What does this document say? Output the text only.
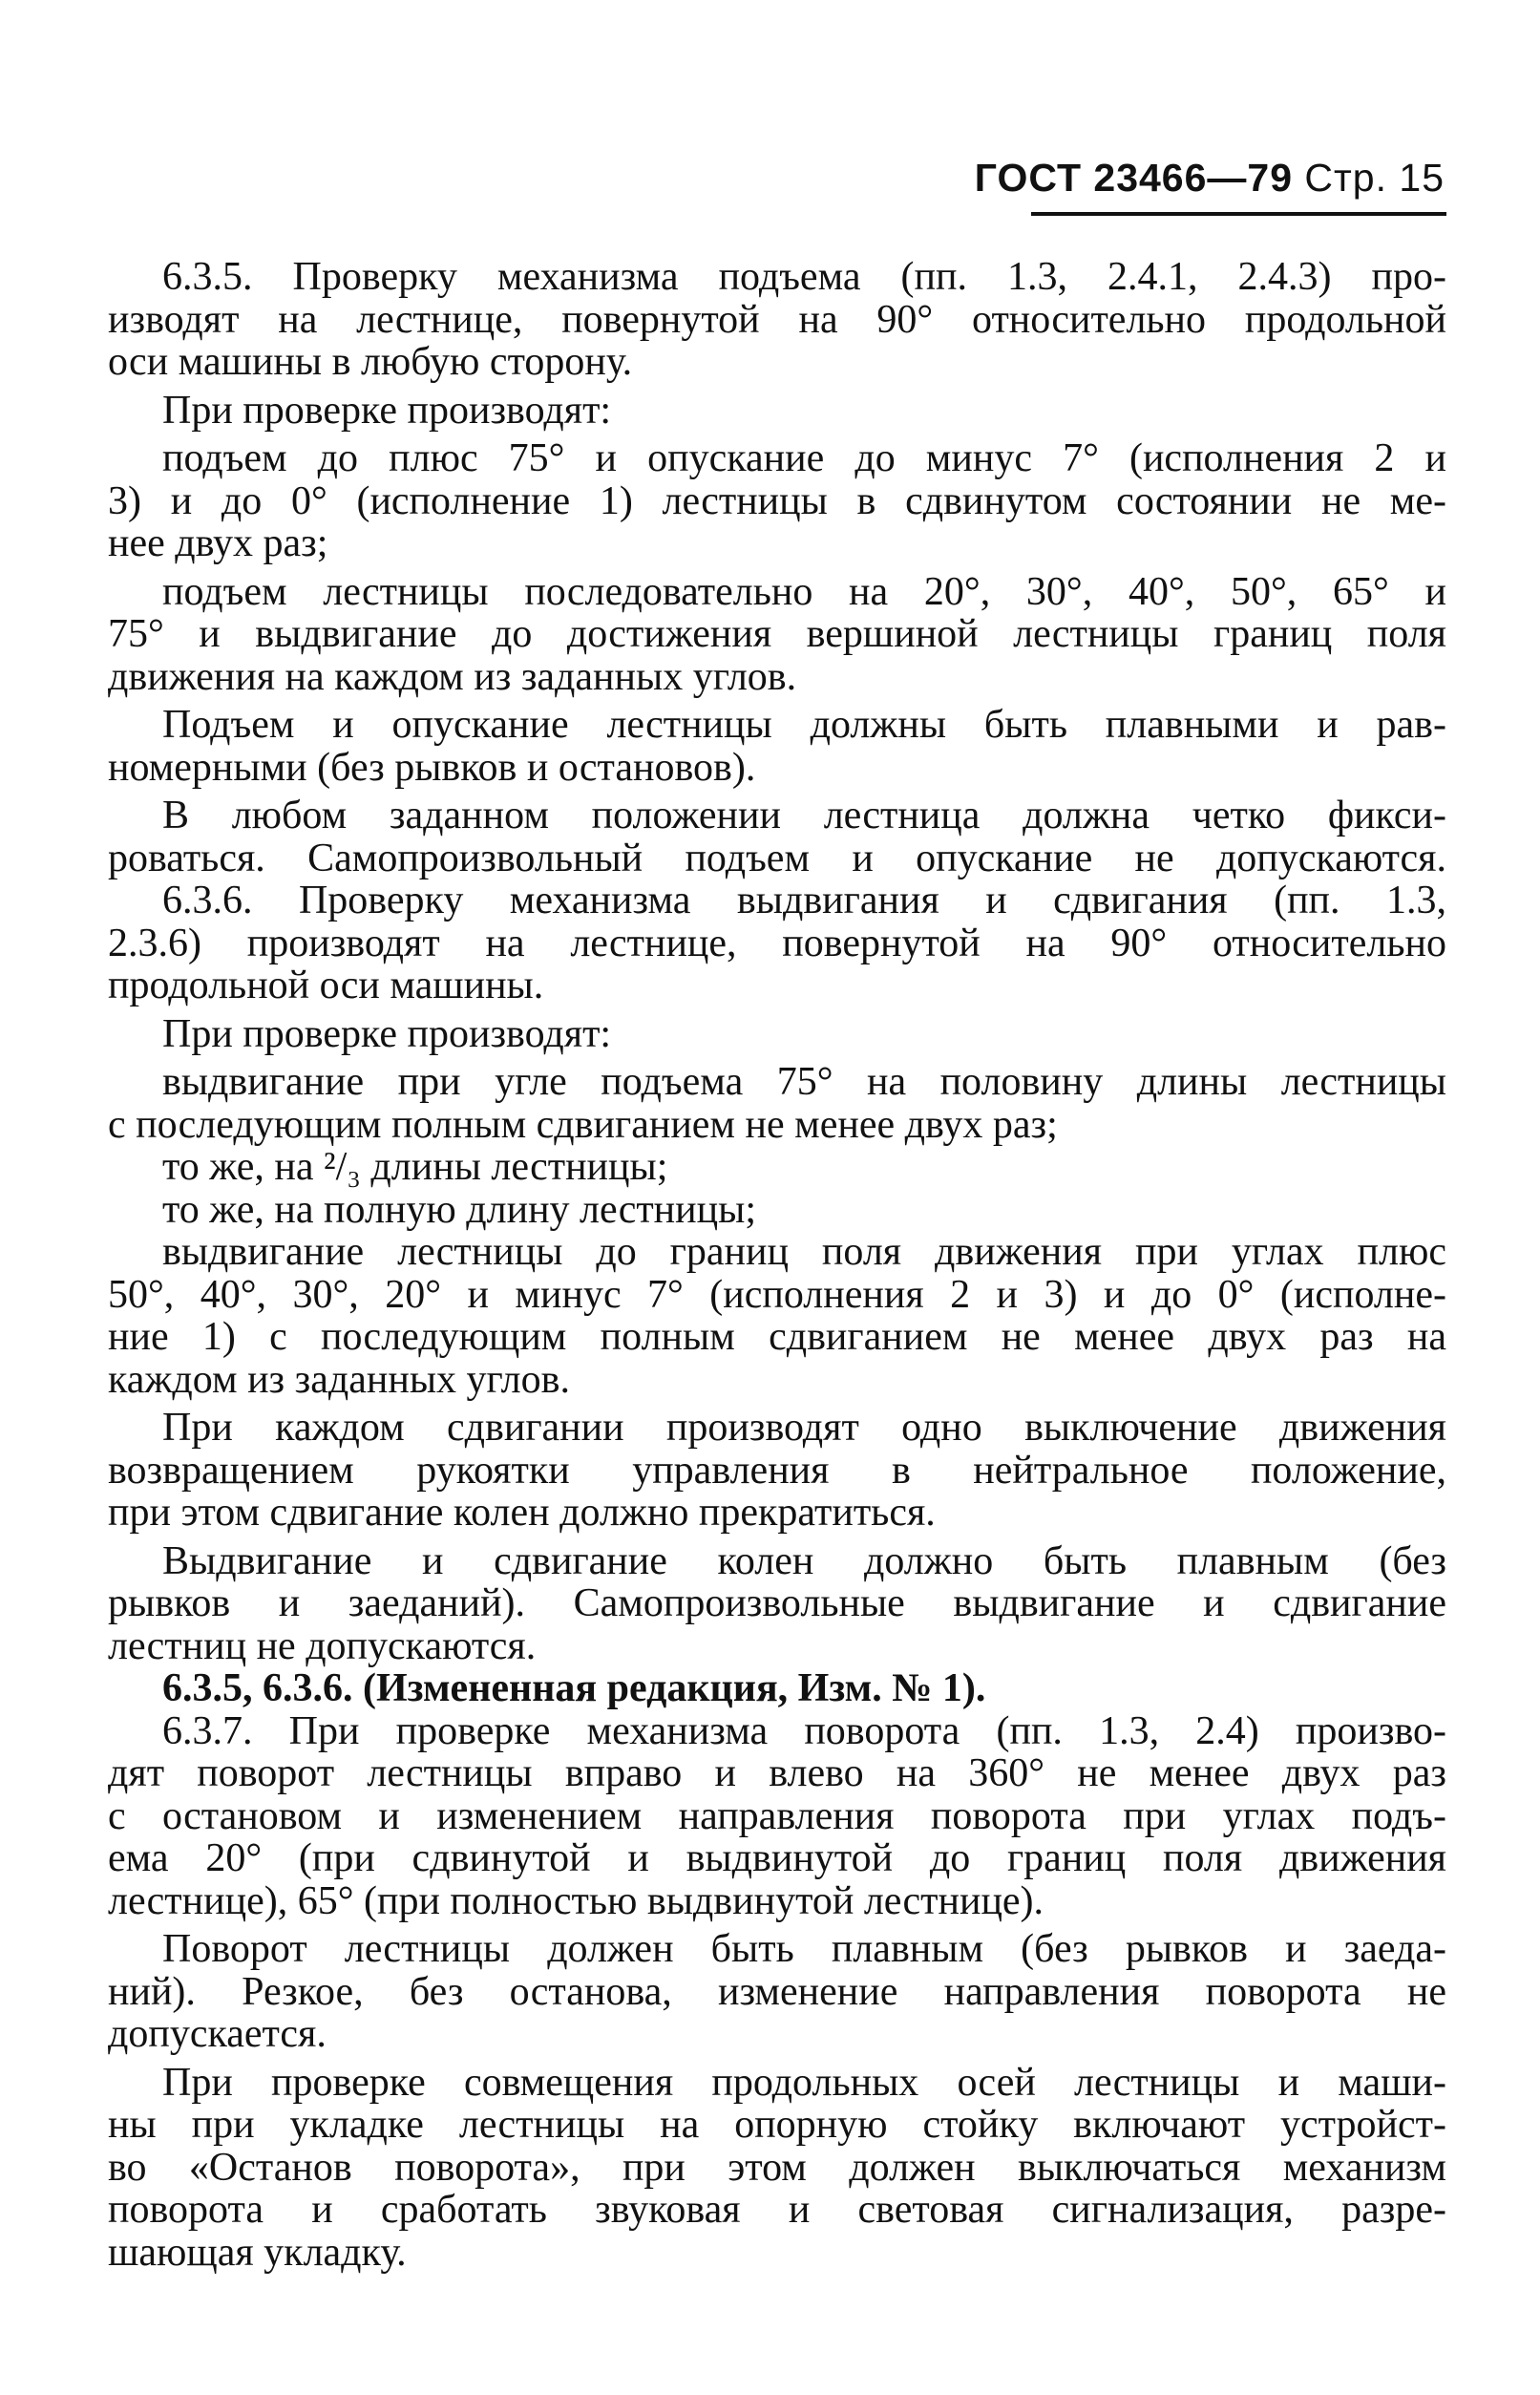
ГОСТ 23466—79 Стр. 15
6.3.5. Проверку механизма подъема (пп. 1.3, 2.4.1, 2.4.3) про-
изводят на лестнице, повернутой на 90° относительно продольной
оси машины в любую сторону.
При проверке производят:
подъем до плюс 75° и опускание до минус 7° (исполнения 2 и
3) и до 0° (исполнение 1) лестницы в сдвинутом состоянии не ме-
нее двух раз;
подъем лестницы последовательно на 20°, 30°, 40°, 50°, 65° и
75° и выдвигание до достижения вершиной лестницы границ поля
движения на каждом из заданных углов.
Подъем и опускание лестницы должны быть плавными и рав-
номерными (без рывков и остановов).
В любом заданном положении лестница должна четко фикси-
роваться. Самопроизвольный подъем и опускание не допускаются.
6.3.6. Проверку механизма выдвигания и сдвигания (пп. 1.3,
2.3.6) производят на лестнице, повернутой на 90° относительно
продольной оси машины.
При проверке производят:
выдвигание при угле подъема 75° на половину длины лестницы
с последующим полным сдвиганием не менее двух раз;
то же, на ²/₃ длины лестницы;
то же, на полную длину лестницы;
выдвигание лестницы до границ поля движения при углах плюс
50°, 40°, 30°, 20° и минус 7° (исполнения 2 и 3) и до 0° (исполне-
ние 1) с последующим полным сдвиганием не менее двух раз на
каждом из заданных углов.
При каждом сдвигании производят одно выключение движения
возвращением рукоятки управления в нейтральное положение,
при этом сдвигание колен должно прекратиться.
Выдвигание и сдвигание колен должно быть плавным (без
рывков и заеданий). Самопроизвольные выдвигание и сдвигание
лестниц не допускаются.
6.3.5, 6.3.6. (Измененная редакция, Изм. № 1).
6.3.7. При проверке механизма поворота (пп. 1.3, 2.4) произво-
дят поворот лестницы вправо и влево на 360° не менее двух раз
с остановом и изменением направления поворота при углах подъ-
ема 20° (при сдвинутой и выдвинутой до границ поля движения
лестнице), 65° (при полностью выдвинутой лестнице).
Поворот лестницы должен быть плавным (без рывков и заеда-
ний). Резкое, без останова, изменение направления поворота не
допускается.
При проверке совмещения продольных осей лестницы и маши-
ны при укладке лестницы на опорную стойку включают устройст-
во «Останов поворота», при этом должен выключаться механизм
поворота и сработать звуковая и световая сигнализация, разре-
шающая укладку.
